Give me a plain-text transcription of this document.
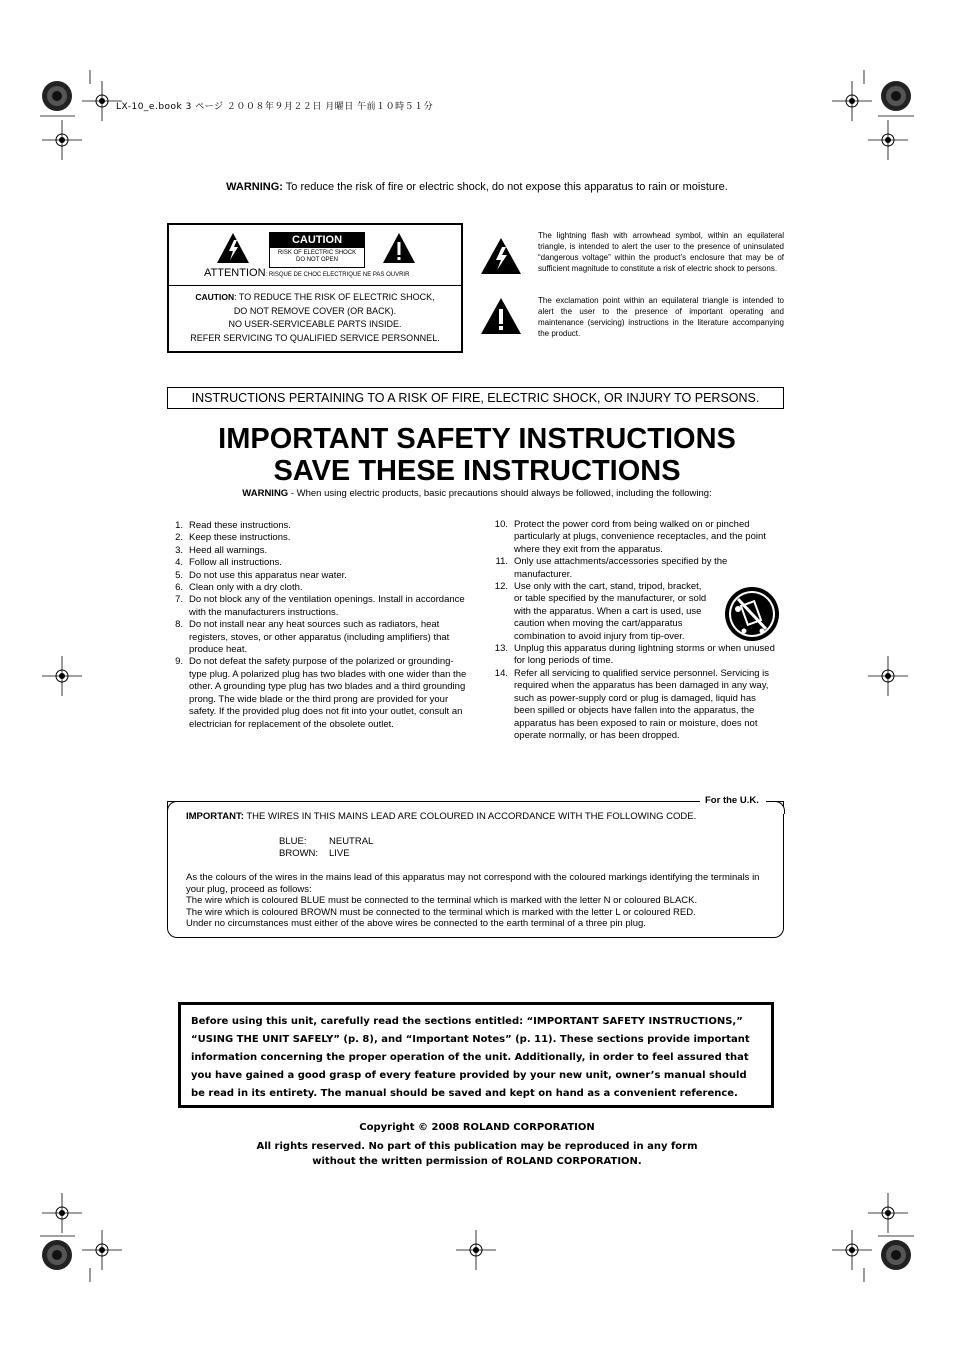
LX-10_e.book 3 ページ ２００８年９月２２日 月曜日 午前１０時５１分
WARNING: To reduce the risk of fire or electric shock, do not expose this apparatus to rain or moisture.
CAUTION
RISK OF ELECTRIC SHOCK
DO NOT OPEN
ATTENTION: RISQUE DE CHOC ELECTRIQUE NE PAS OUVRIR
CAUTION: TO REDUCE THE RISK OF ELECTRIC SHOCK,
DO NOT REMOVE COVER (OR BACK).
NO USER-SERVICEABLE PARTS INSIDE.
REFER SERVICING TO QUALIFIED SERVICE PERSONNEL.
The lightning flash with arrowhead symbol, within an equilateral triangle, is intended to alert the user to the presence of uninsulated “dangerous voltage” within the product’s enclosure that may be of sufficient magnitude to constitute a risk of electric shock to persons.
The exclamation point within an equilateral triangle is intended to alert the user to the presence of important operating and maintenance (servicing) instructions in the literature accompanying the product.
INSTRUCTIONS PERTAINING TO A RISK OF FIRE, ELECTRIC SHOCK, OR INJURY TO PERSONS.
IMPORTANT SAFETY INSTRUCTIONS
SAVE THESE INSTRUCTIONS
WARNING - When using electric products, basic precautions should always be followed, including the following:
1. Read these instructions.
2. Keep these instructions.
3. Heed all warnings.
4. Follow all instructions.
5. Do not use this apparatus near water.
6. Clean only with a dry cloth.
7. Do not block any of the ventilation openings. Install in accordance with the manufacturers instructions.
8. Do not install near any heat sources such as radiators, heat registers, stoves, or other apparatus (including amplifiers) that produce heat.
9. Do not defeat the safety purpose of the polarized or grounding-type plug. A polarized plug has two blades with one wider than the other. A grounding type plug has two blades and a third grounding prong. The wide blade or the third prong are provided for your safety. If the provided plug does not fit into your outlet, consult an electrician for replacement of the obsolete outlet.
10. Protect the power cord from being walked on or pinched particularly at plugs, convenience receptacles, and the point where they exit from the apparatus.
11. Only use attachments/accessories specified by the manufacturer.
12. Use only with the cart, stand, tripod, bracket, or table specified by the manufacturer, or sold with the apparatus. When a cart is used, use caution when moving the cart/apparatus combination to avoid injury from tip-over.
13. Unplug this apparatus during lightning storms or when unused for long periods of time.
14. Refer all servicing to qualified service personnel. Servicing is required when the apparatus has been damaged in any way, such as power-supply cord or plug is damaged, liquid has been spilled or objects have fallen into the apparatus, the apparatus has been exposed to rain or moisture, does not operate normally, or has been dropped.
For the U.K.
IMPORTANT: THE WIRES IN THIS MAINS LEAD ARE COLOURED IN ACCORDANCE WITH THE FOLLOWING CODE.
BLUE: NEUTRAL
BROWN: LIVE
As the colours of the wires in the mains lead of this apparatus may not correspond with the coloured markings identifying the terminals in your plug, proceed as follows:
The wire which is coloured BLUE must be connected to the terminal which is marked with the letter N or coloured BLACK.
The wire which is coloured BROWN must be connected to the terminal which is marked with the letter L or coloured RED.
Under no circumstances must either of the above wires be connected to the earth terminal of a three pin plug.
Before using this unit, carefully read the sections entitled: “IMPORTANT SAFETY INSTRUCTIONS,” “USING THE UNIT SAFELY” (p. 8), and “Important Notes” (p. 11). These sections provide important information concerning the proper operation of the unit. Additionally, in order to feel assured that you have gained a good grasp of every feature provided by your new unit, owner’s manual should be read in its entirety. The manual should be saved and kept on hand as a convenient reference.
Copyright © 2008 ROLAND CORPORATION
All rights reserved. No part of this publication may be reproduced in any form
without the written permission of ROLAND CORPORATION.
